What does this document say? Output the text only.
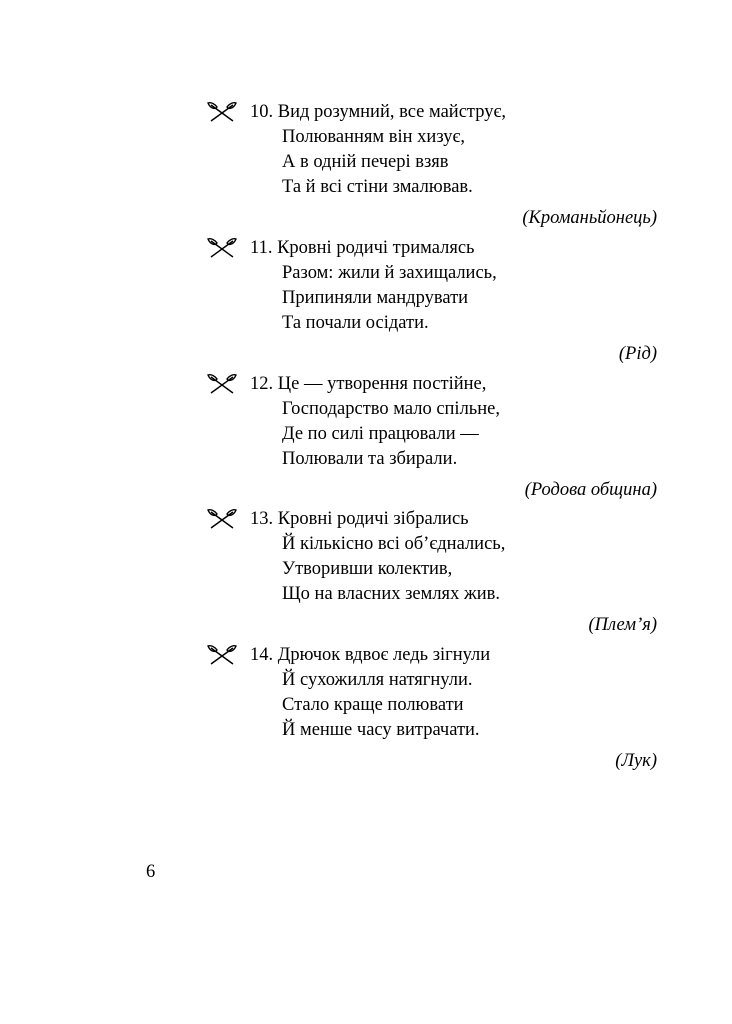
10. Вид розумний, все майструє,
Полюванням він хизує,
А в одній печері взяв
Та й всі стіни змалював.
(Кроманьйонець)
11. Кровні родичі трималясь
Разом: жили й захищались,
Припиняли мандрувати
Та почали осідати.
(Рід)
12. Це — утворення постійне,
Господарство мало спільне,
Де по силі працювали —
Полювали та збирали.
(Родова община)
13. Кровні родичі зібрались
Й кількісно всі об’єднались,
Утворивши колектив,
Що на власних землях жив.
(Плем’я)
14. Дрючок вдвоє ледь зігнули
Й сухожилля натягнули.
Стало краще полювати
Й менше часу витрачати.
(Лук)
6
